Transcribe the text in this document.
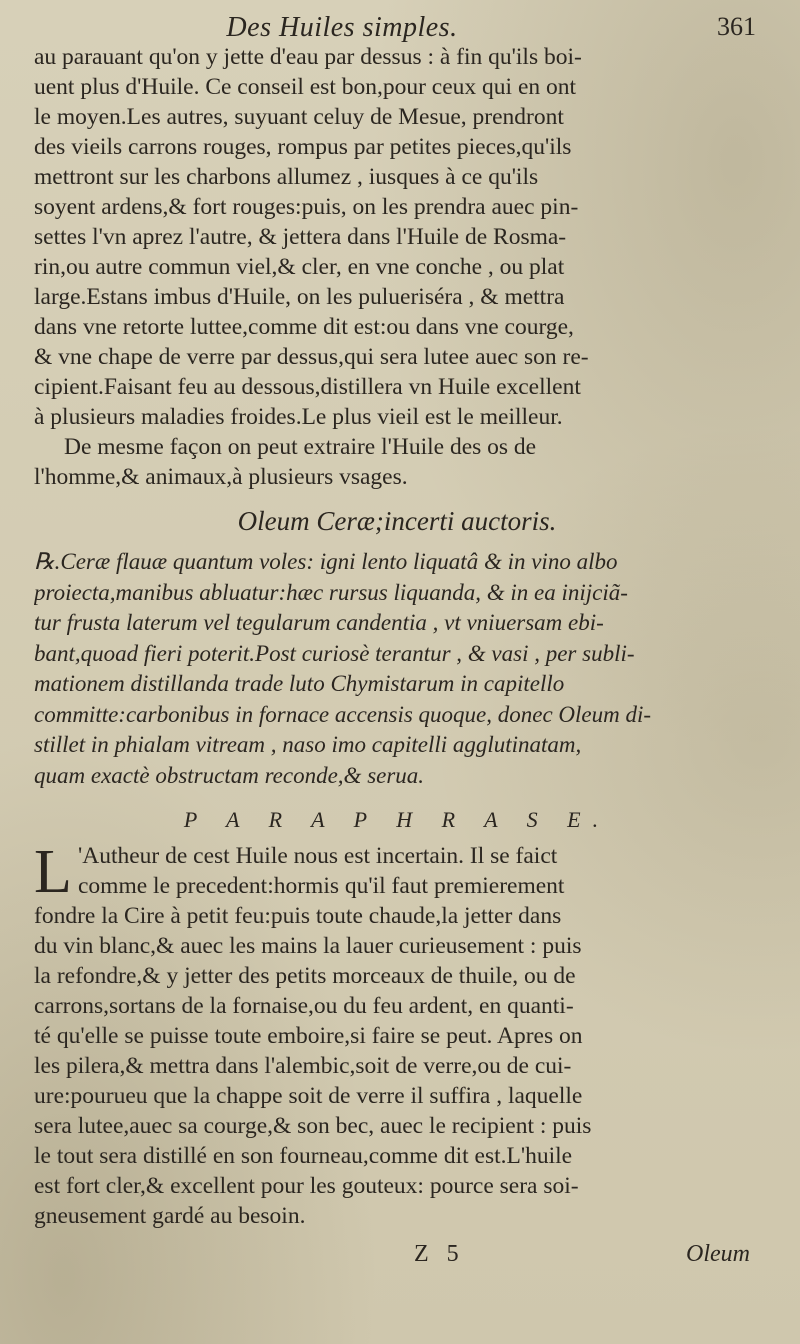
Des Huiles simples.	361
au parauant qu'on y jette d'eau par dessus : à fin qu'ils boi-
uent plus d'Huile. Ce conseil est bon,pour ceux qui en ont
le moyen.Les autres, suyuant celuy de Mesue, prendront
des vieils carrons rouges, rompus par petites pieces,qu'ils
mettront sur les charbons allumez , iusques à ce qu'ils
soyent ardens,& fort rouges:puis, on les prendra auec pin-
settes l'vn aprez l'autre, & jettera dans l'Huile de Rosma-
rin,ou autre commun viel,& cler, en vne conche , ou plat
large.Estans imbus d'Huile, on les pulueriséra , & mettra
dans vne retorte luttee,comme dit est:ou dans vne courge,
& vne chape de verre par dessus,qui sera lutee auec son re-
cipient.Faisant feu au dessous,distillera vn Huile excellent
à plusieurs maladies froides.Le plus vieil est le meilleur.
De mesme façon on peut extraire l'Huile des os de
l'homme,& animaux,à plusieurs vsages.
Oleum Ceræ;incerti auctoris.
℞.Ceræ flauæ quantum voles: igni lento liquatâ & in vino albo
proiecta,manibus abluatur:hæc rursus liquanda, & in ea inijciã-
tur frusta laterum vel tegularum candentia , vt vniuersam ebi-
bant,quoad fieri poterit.Post curiosè terantur , & vasi , per subli-
mationem distillanda trade luto Chymistarum in capitello
committe:carbonibus in fornace accensis quoque, donec Oleum di-
stillet in phialam vitream , naso imo capitelli agglutinatam,
quam exactè obstructam reconde,& serua.
P A R A P H R A S E.
L 'Autheur de cest Huile nous est incertain. Il se faict
comme le precedent:hormis qu'il faut premierement
fondre la Cire à petit feu:puis toute chaude,la jetter dans
du vin blanc,& auec les mains la lauer curieusement : puis
la refondre,& y jetter des petits morceaux de thuile, ou de
carrons,sortans de la fornaise,ou du feu ardent, en quanti-
té qu'elle se puisse toute emboire,si faire se peut. Apres on
les pilera,& mettra dans l'alembic,soit de verre,ou de cui-
ure:pourueu que la chappe soit de verre il suffira , laquelle
sera lutee,auec sa courge,& son bec, auec le recipient : puis
le tout sera distillé en son fourneau,comme dit est.L'huile
est fort cler,& excellent pour les gouteux: pource sera soi-
gneusement gardé au besoin.
Z 5	Oleum
